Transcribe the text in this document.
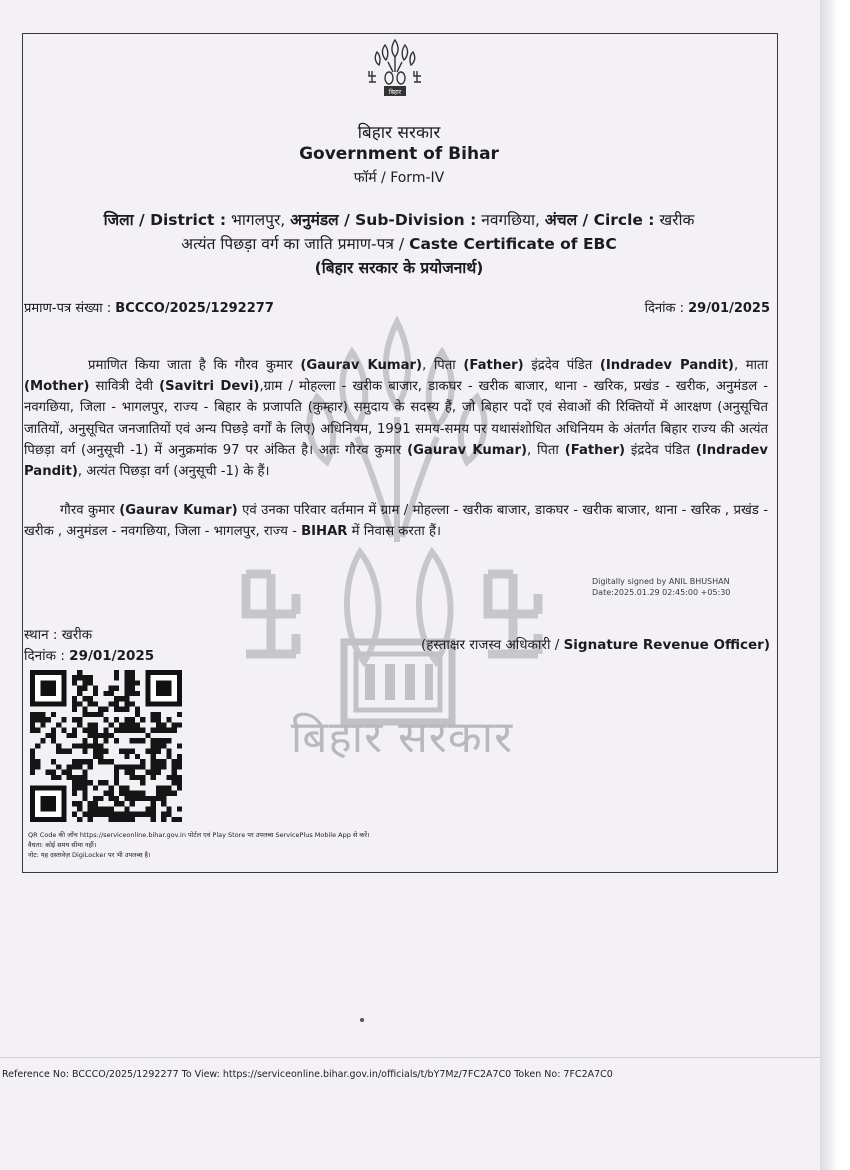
बिहार सरकार
बिहार
बिहार सरकार
Government of Bihar
फॉर्म / Form-IV
जिला / District : भागलपुर, अनुमंडल / Sub-Division : नवगछिया, अंचल / Circle : खरीक
अत्यंत पिछड़ा वर्ग का जाति प्रमाण-पत्र / Caste Certificate of EBC
(बिहार सरकार के प्रयोजनार्थ)
प्रमाण-पत्र संख्या : BCCCO/2025/1292277	दिनांक : 29/01/2025

प्रमाणित किया जाता है कि गौरव कुमार (Gaurav Kumar), पिता (Father) इंद्रदेव पंडित (Indradev Pandit), माता (Mother) सावित्री देवी (Savitri Devi),ग्राम / मोहल्ला - खरीक बाजार, डाकघर - खरीक बाजार, थाना - खरिक, प्रखंड - खरीक, अनुमंडल - नवगछिया, जिला - भागलपुर, राज्य - बिहार के प्रजापति (कुम्हार) समुदाय के सदस्य हैं, जो बिहार पदों एवं सेवाओं की रिक्तियों में आरक्षण (अनुसूचित जातियों, अनुसूचित जनजातियों एवं अन्य पिछड़े वर्गों के लिए) अधिनियम, 1991 समय-समय पर यथासंशोधित अधिनियम के अंतर्गत बिहार राज्य की अत्यंत पिछड़ा वर्ग (अनुसूची -1) में अनुक्रमांक 97 पर अंकित है। अतः गौरव कुमार (Gaurav Kumar), पिता (Father) इंद्रदेव पंडित (Indradev Pandit), अत्यंत पिछड़ा वर्ग (अनुसूची -1) के हैं।

गौरव कुमार (Gaurav Kumar) एवं उनका परिवार वर्तमान में ग्राम / मोहल्ला - खरीक बाजार, डाकघर - खरीक बाजार, थाना - खरिक , प्रखंड - खरीक , अनुमंडल - नवगछिया, जिला - भागलपुर, राज्य - BIHAR में निवास करता हैं।

Digitally signed by ANIL BHUSHAN
Date:2025.01.29 02:45:00 +05:30
स्थान : खरीक
दिनांक : 29/01/2025
(हस्ताक्षर राजस्व अधिकारी / Signature Revenue Officer)
QR Code की जाँच https://serviceonline.bihar.gov.in पोर्टल एवं Play Store पर उपलब्ध ServicePlus Mobile App से करें।
वैधता: कोई समय सीमा नहीं।
नोट: यह दस्तावेज़ DigiLocker पर भी उपलब्ध है।
Reference No: BCCCO/2025/1292277 To View: https://serviceonline.bihar.gov.in/officials/t/bY7Mz/7FC2A7C0 Token No: 7FC2A7C0
